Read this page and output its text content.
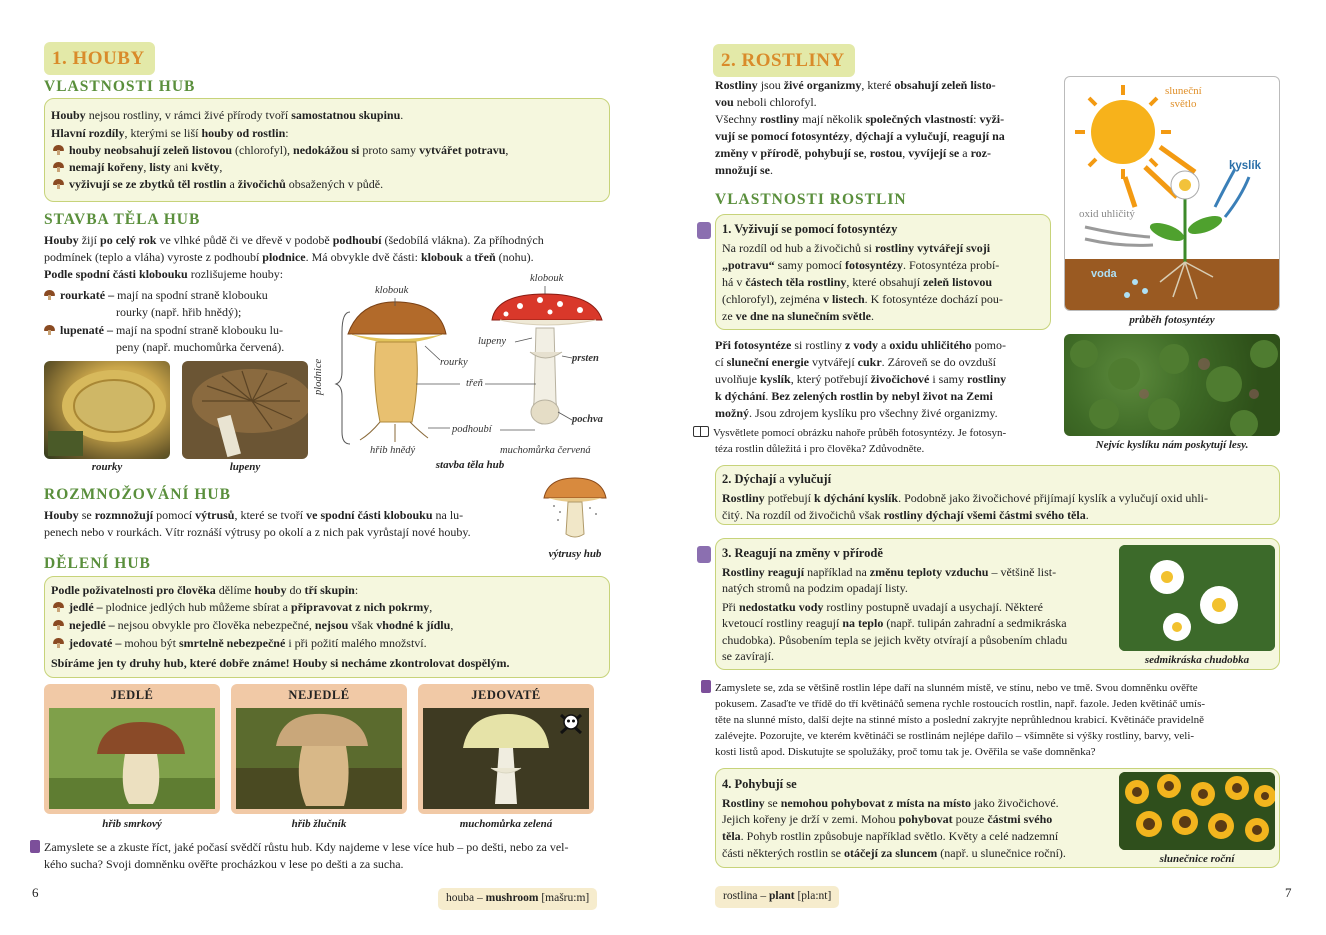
1. HOUBY
VLASTNOSTI HUB
Houby nejsou rostliny, v rámci živé přírody tvoří samostatnou skupinu.
Hlavní rozdíly, kterými se liší houby od rostlin:
houby neobsahují zeleň listovou (chlorofyl), nedokážou si proto samy vytvářet potravu,
nemají kořeny, listy ani květy,
vyživují se ze zbytků těl rostlin a živočichů obsažených v půdě.
STAVBA TĚLA HUB
Houby žijí po celý rok ve vlhké půdě či ve dřevě v podobě podhoubí (šedobílá vlákna). Za příhodných
podmínek (teplo a vláha) vyroste z podhoubí plodnice. Má obvykle dvě části: klobouk a třeň (nohu).
Podle spodní části klobouku rozlišujeme houby:
rourkaté – mají na spodní straně klobouku
rourky (např. hřib hnědý);
lupenaté – mají na spodní straně klobouku lu-
peny (např. muchomůrka červená).
rourky	lupeny
klobouk
klobouk
lupeny
prsten
rourky
třeň
plodnice
pochva
podhoubí
hřib hnědý	muchomůrka červená
stavba těla hub
ROZMNOŽOVÁNÍ HUB
Houby se rozmnožují pomocí výtrusů, které se tvoří ve spodní části klobouku na lu-
penech nebo v rourkách. Vítr roznáší výtrusy po okolí a z nich pak vyrůstají nové houby.
výtrusy hub
DĚLENÍ HUB
Podle poživatelnosti pro člověka dělíme houby do tří skupin:
jedlé – plodnice jedlých hub můžeme sbírat a připravovat z nich pokrmy,
nejedlé – nejsou obvykle pro člověka nebezpečné, nejsou však vhodné k jídlu,
jedovaté – mohou být smrtelně nebezpečné i při požití malého množství.
Sbíráme jen ty druhy hub, které dobře známe! Houby si necháme zkontrolovat dospělým.
JEDLÉ
hřib smrkový
NEJEDLÉ
hřib žlučník
JEDOVATÉ
muchomůrka zelená
Zamyslete se a zkuste říct, jaké počasí svědčí růstu hub. Kdy najdeme v lese více hub – po dešti, nebo za vel-
kého sucha? Svoji domněnku ověřte procházkou v lese po dešti a za sucha.
6	houba – mushroom [mašru:m]
2. ROSTLINY
Rostliny jsou živé organizmy, které obsahují zeleň listo-
vou neboli chlorofyl.
Všechny rostliny mají několik společných vlastností: vyži-
vují se pomocí fotosyntézy, dýchají a vylučují, reagují na
změny v přírodě, pohybují se, rostou, vyvíjejí se a roz-
množují se.
sluneční
světlo
kyslík
oxid uhličitý
voda
průběh fotosyntézy
Nejvíc kyslíku nám poskytují lesy.
VLASTNOSTI ROSTLIN
1. Vyživují se pomocí fotosyntézy
Na rozdíl od hub a živočichů si rostliny vytvářejí svoji
„potravu“ samy pomocí fotosyntézy. Fotosyntéza probí-
há v částech těla rostliny, které obsahují zeleň listovou
(chlorofyl), zejména v listech. K fotosyntéze dochází pou-
ze ve dne na slunečním světle.
Při fotosyntéze si rostliny z vody a oxidu uhličitého pomo-
cí sluneční energie vytvářejí cukr. Zároveň se do ovzduší
uvolňuje kyslík, který potřebují živočichové i samy rostliny
k dýchání. Bez zelených rostlin by nebyl život na Zemi
možný. Jsou zdrojem kyslíku pro všechny živé organizmy.
Vysvětlete pomocí obrázku nahoře průběh fotosyntézy. Je fotosyn-
téza rostlin důležitá i pro člověka? Zdůvodněte.
2. Dýchají a vylučují
Rostliny potřebují k dýchání kyslík. Podobně jako živočichové přijímají kyslík a vylučují oxid uhli-
čitý. Na rozdíl od živočichů však rostliny dýchají všemi částmi svého těla.
3. Reagují na změny v přírodě
Rostliny reagují například na změnu teploty vzduchu – většině list-
natých stromů na podzim opadají listy.
Při nedostatku vody rostliny postupně uvadají a usychají. Některé
kvetoucí rostliny reagují na teplo (např. tulipán zahradní a sedmikráska
chudobka). Působením tepla se jejich květy otvírají a působením chladu
se zavírají.	sedmikráska chudobka
Zamyslete se, zda se většině rostlin lépe daří na slunném místě, ve stínu, nebo ve tmě. Svou domněnku ověřte
pokusem. Zasaďte ve třídě do tří květináčů semena rychle rostoucích rostlin, např. fazole. Jeden květináč umís-
těte na slunné místo, další dejte na stinné místo a poslední zakryjte neprůhlednou krabicí. Květináče pravidelně
zalévejte. Pozorujte, ve kterém květináči se rostlinám nejlépe dařilo – všímněte si výšky rostliny, barvy, veli-
kosti listů apod. Diskutujte se spolužáky, proč tomu tak je. Ověřila se vaše domněnka?
4. Pohybují se
Rostliny se nemohou pohybovat z místa na místo jako živočichové.
Jejich kořeny je drží v zemi. Mohou pohybovat pouze částmi svého
těla. Pohyb rostlin způsobuje například světlo. Květy a celé nadzemní
části některých rostlin se otáčejí za sluncem (např. u slunečnice roční).	slunečnice roční
rostlina – plant [pla:nt]	7
